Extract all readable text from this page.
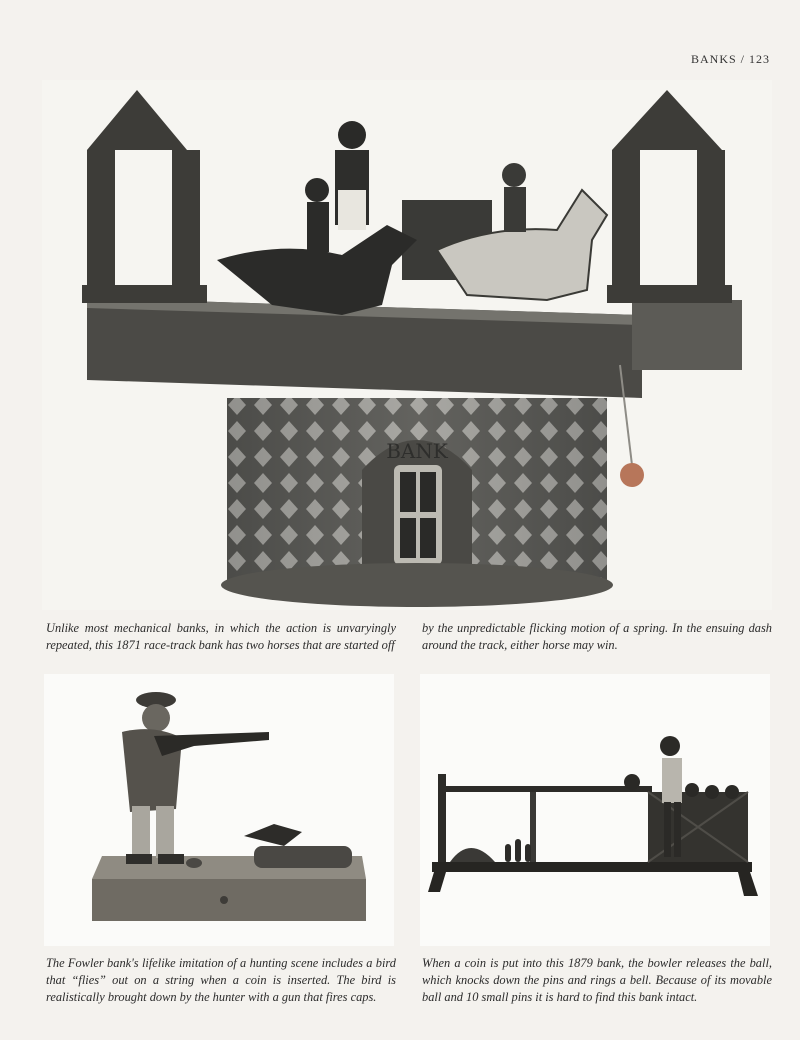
BANKS / 123
BANK

Unlike most mechanical banks, in which the action is unvaryingly repeated, this 1871 race-track bank has two horses that are started off

by the unpredictable flicking motion of a spring. In the ensuing dash around the track, either horse may win.

The Fowler bank's lifelike imitation of a hunting scene includes a bird that “flies” out on a string when a coin is inserted. The bird is realistically brought down by the hunter with a gun that fires caps.

When a coin is put into this 1879 bank, the bowler releases the ball, which knocks down the pins and rings a bell. Because of its movable ball and 10 small pins it is hard to find this bank intact.
